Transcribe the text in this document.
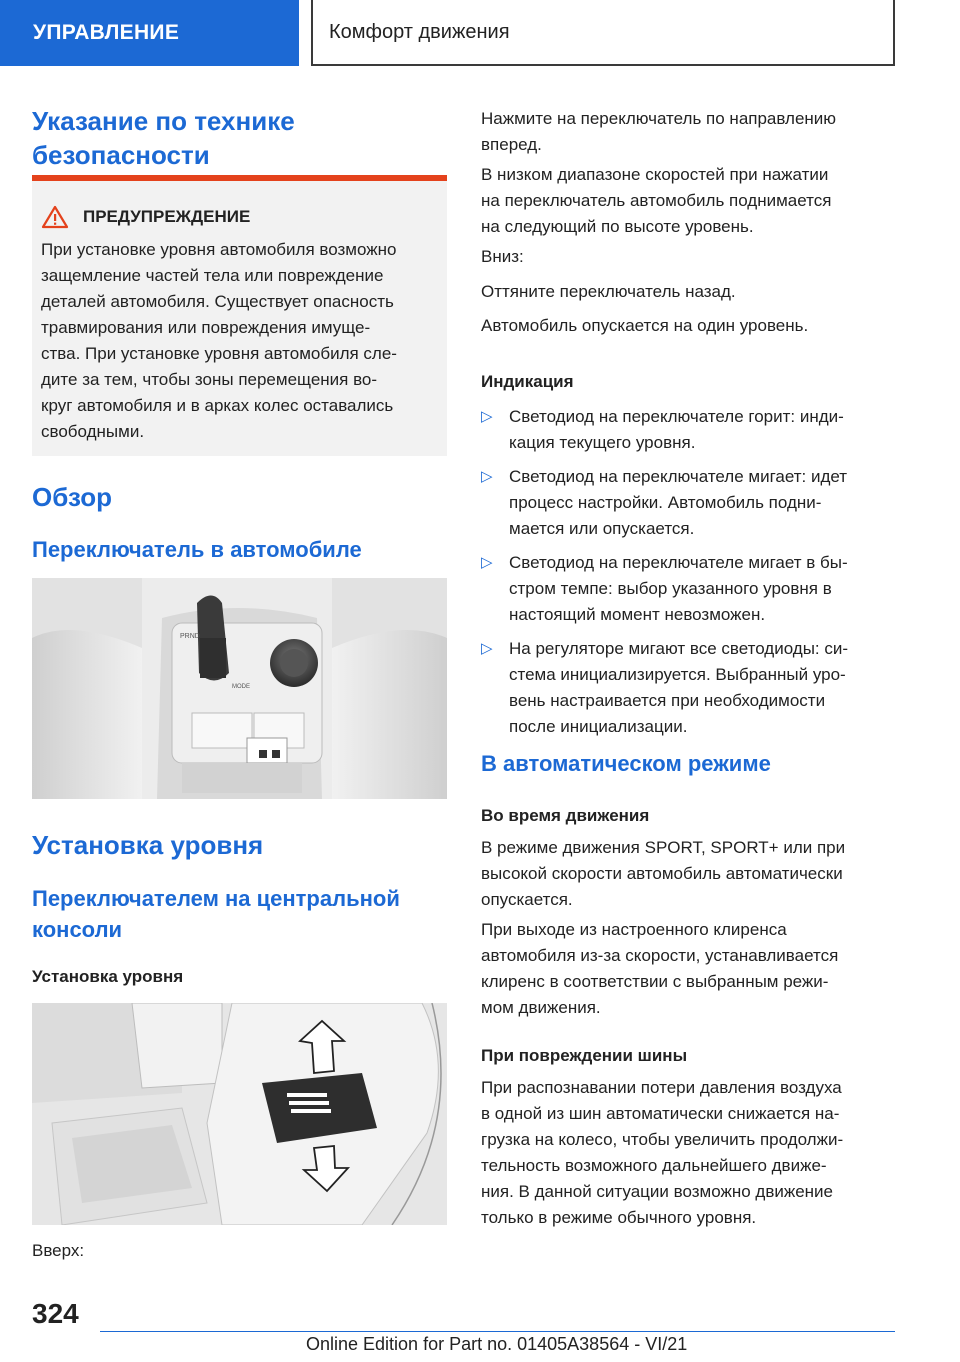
УПРАВЛЕНИЕ	Комфорт движения
Указание по технике
безопасности
ПРЕДУПРЕЖДЕНИЕ
При установке уровня автомобиля возможно
защемление частей тела или повреждение
деталей автомобиля. Существует опасность
травмирования или повреждения имуще-
ства. При установке уровня автомобиля сле-
дите за тем, чтобы зоны перемещения во-
круг автомобиля и в арках колес оставались
свободными.
Обзор
Переключатель в автомобиле
PRND
MODE
Установка уровня
Переключателем на центральной
консоли
Установка уровня
Вверх:
Нажмите на переключатель по направлению
вперед.
В низком диапазоне скоростей при нажатии
на переключатель автомобиль поднимается
на следующий по высоте уровень.
Вниз:
Оттяните переключатель назад.
Автомобиль опускается на один уровень.
Индикация
▷ Светодиод на переключателе горит: инди-
кация текущего уровня.
▷ Светодиод на переключателе мигает: идет
процесс настройки. Автомобиль подни-
мается или опускается.
▷ Светодиод на переключателе мигает в бы-
стром темпе: выбор указанного уровня в
настоящий момент невозможен.
▷ На регуляторе мигают все светодиоды: си-
стема инициализируется. Выбранный уро-
вень настраивается при необходимости
после инициализации.
В автоматическом режиме
Во время движения
В режиме движения SPORT, SPORT+ или при
высокой скорости автомобиль автоматически
опускается.
При выходе из настроенного клиренса
автомобиля из-за скорости, устанавливается
клиренс в соответствии с выбранным режи-
мом движения.
При повреждении шины
При распознавании потери давления воздуха
в одной из шин автоматически снижается на-
грузка на колесо, чтобы увеличить продолжи-
тельность возможного дальнейшего движе-
ния. В данной ситуации возможно движение
только в режиме обычного уровня.
324
Online Edition for Part no. 01405A38564 - VI/21
